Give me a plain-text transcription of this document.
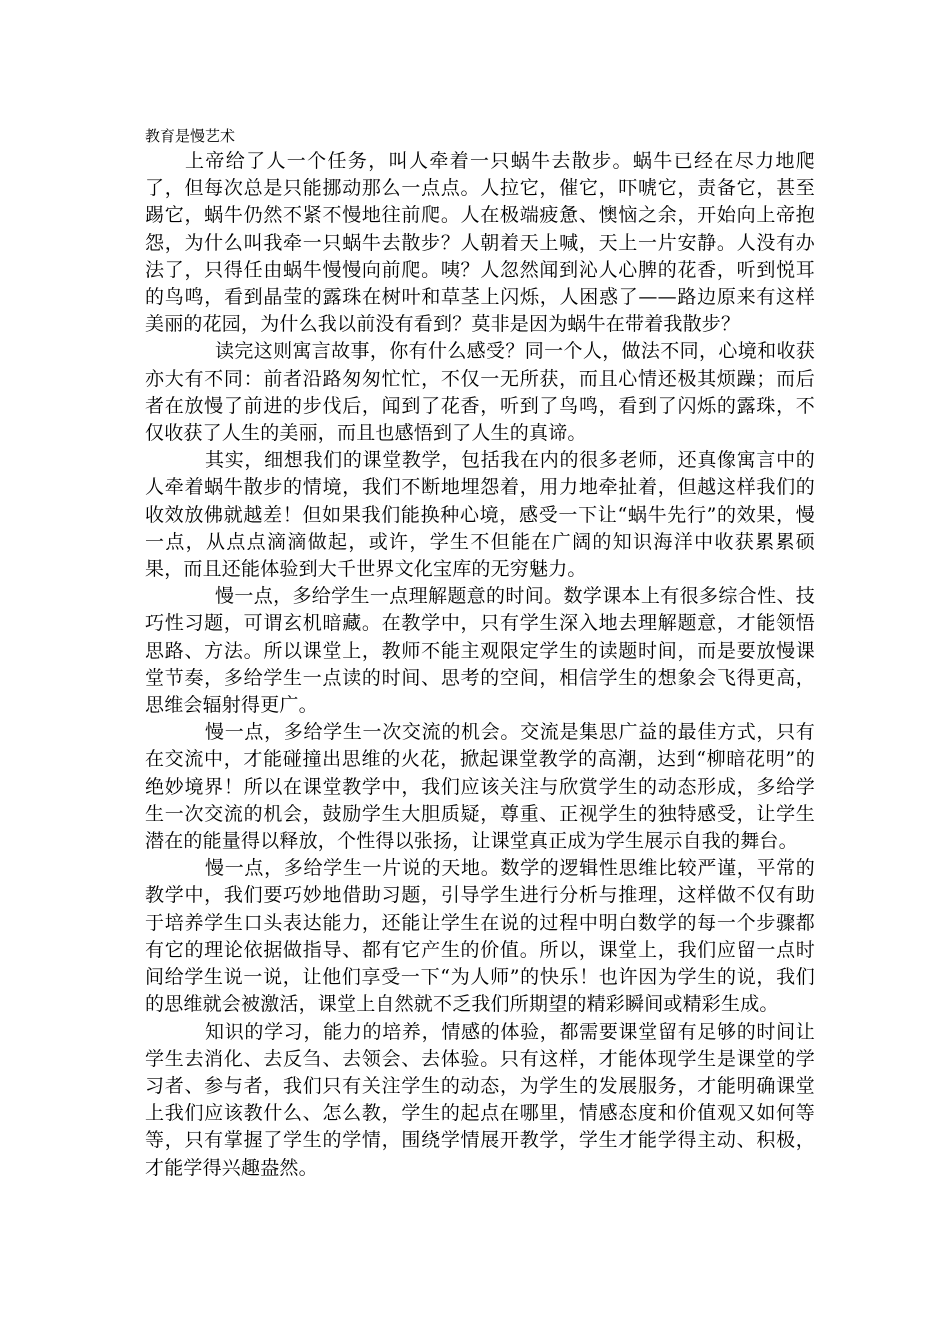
教育是慢艺术

上帝给了人一个任务，叫人牵着一只蜗牛去散步。蜗牛已经在尽力地爬了，但每次总是只能挪动那么一点点。人拉它，催它，吓唬它，责备它，甚至踢它，蜗牛仍然不紧不慢地往前爬。人在极端疲惫、懊恼之余，开始向上帝抱怨，为什么叫我牵一只蜗牛去散步？人朝着天上喊，天上一片安静。人没有办法了，只得任由蜗牛慢慢向前爬。咦？人忽然闻到沁人心脾的花香，听到悦耳的鸟鸣，看到晶莹的露珠在树叶和草茎上闪烁，人困惑了——路边原来有这样美丽的花园，为什么我以前没有看到？莫非是因为蜗牛在带着我散步？

读完这则寓言故事，你有什么感受？同一个人，做法不同，心境和收获亦大有不同：前者沿路匆匆忙忙，不仅一无所获，而且心情还极其烦躁；而后者在放慢了前进的步伐后，闻到了花香，听到了鸟鸣，看到了闪烁的露珠，不仅收获了人生的美丽，而且也感悟到了人生的真谛。

其实，细想我们的课堂教学，包括我在内的很多老师，还真像寓言中的人牵着蜗牛散步的情境，我们不断地埋怨着，用力地牵扯着，但越这样我们的收效放佛就越差！但如果我们能换种心境，感受一下让“蜗牛先行”的效果，慢一点，从点点滴滴做起，或许，学生不但能在广阔的知识海洋中收获累累硕果，而且还能体验到大千世界文化宝库的无穷魅力。

慢一点，多给学生一点理解题意的时间。数学课本上有很多综合性、技巧性习题，可谓玄机暗藏。在教学中，只有学生深入地去理解题意，才能领悟思路、方法。所以课堂上，教师不能主观限定学生的读题时间，而是要放慢课堂节奏，多给学生一点读的时间、思考的空间，相信学生的想象会飞得更高，思维会辐射得更广。

慢一点，多给学生一次交流的机会。交流是集思广益的最佳方式，只有在交流中，才能碰撞出思维的火花，掀起课堂教学的高潮，达到“柳暗花明”的绝妙境界！所以在课堂教学中，我们应该关注与欣赏学生的动态形成，多给学生一次交流的机会，鼓励学生大胆质疑，尊重、正视学生的独特感受，让学生潜在的能量得以释放，个性得以张扬，让课堂真正成为学生展示自我的舞台。

慢一点，多给学生一片说的天地。数学的逻辑性思维比较严谨，平常的教学中，我们要巧妙地借助习题，引导学生进行分析与推理，这样做不仅有助于培养学生口头表达能力，还能让学生在说的过程中明白数学的每一个步骤都有它的理论依据做指导、都有它产生的价值。所以，课堂上，我们应留一点时间给学生说一说，让他们享受一下“为人师”的快乐！也许因为学生的说，我们的思维就会被激活，课堂上自然就不乏我们所期望的精彩瞬间或精彩生成。

知识的学习，能力的培养，情感的体验，都需要课堂留有足够的时间让学生去消化、去反刍、去领会、去体验。只有这样，才能体现学生是课堂的学习者、参与者，我们只有关注学生的动态，为学生的发展服务，才能明确课堂上我们应该教什么、怎么教，学生的起点在哪里，情感态度和价值观又如何等等，只有掌握了学生的学情，围绕学情展开教学，学生才能学得主动、积极，才能学得兴趣盎然。
